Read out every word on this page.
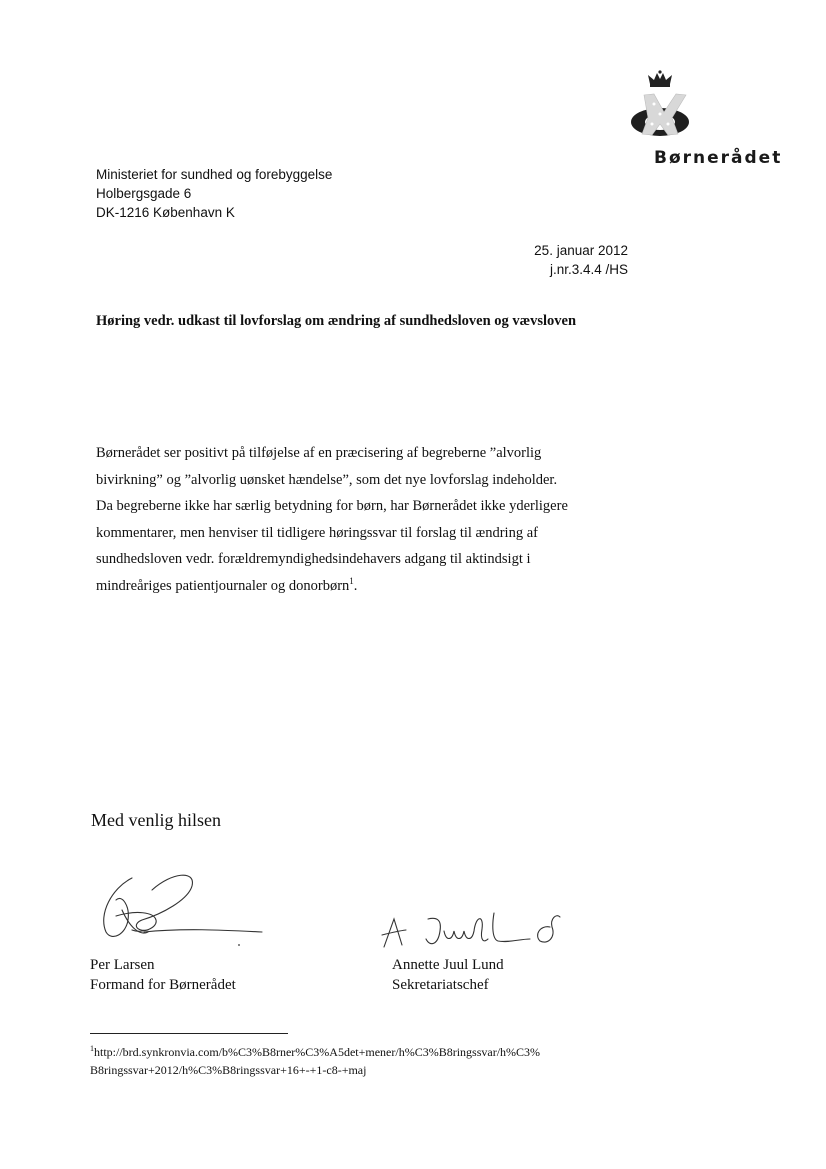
Børnerådet
Ministeriet for sundhed og forebyggelse
Holbergsgade 6
DK-1216 København K
25. januar 2012
j.nr.3.4.4 /HS
Høring vedr. udkast til lovforslag om ændring af sundhedsloven og vævsloven
Børnerådet ser positivt på tilføjelse af en præcisering af begreberne ”alvorlig
bivirkning” og ”alvorlig uønsket hændelse”, som det nye lovforslag indeholder.
Da begreberne ikke har særlig betydning for børn, har Børnerådet ikke yderligere
kommentarer, men henviser til tidligere høringssvar til forslag til ændring af
sundhedsloven vedr. forældremyndighedsindehavers adgang til aktindsigt i
mindreåriges patientjournaler og donorbørn$^1$.
Med venlig hilsen
Per Larsen
Formand for Børnerådet
Annette Juul Lund
Sekretariatschef
$^1$http://brd.synkronvia.com/b%C3%B8rner%C3%A5det+mener/h%C3%B8ringssvar/h%C3%
B8ringssvar+2012/h%C3%B8ringssvar+16+-+1-c8-+maj
